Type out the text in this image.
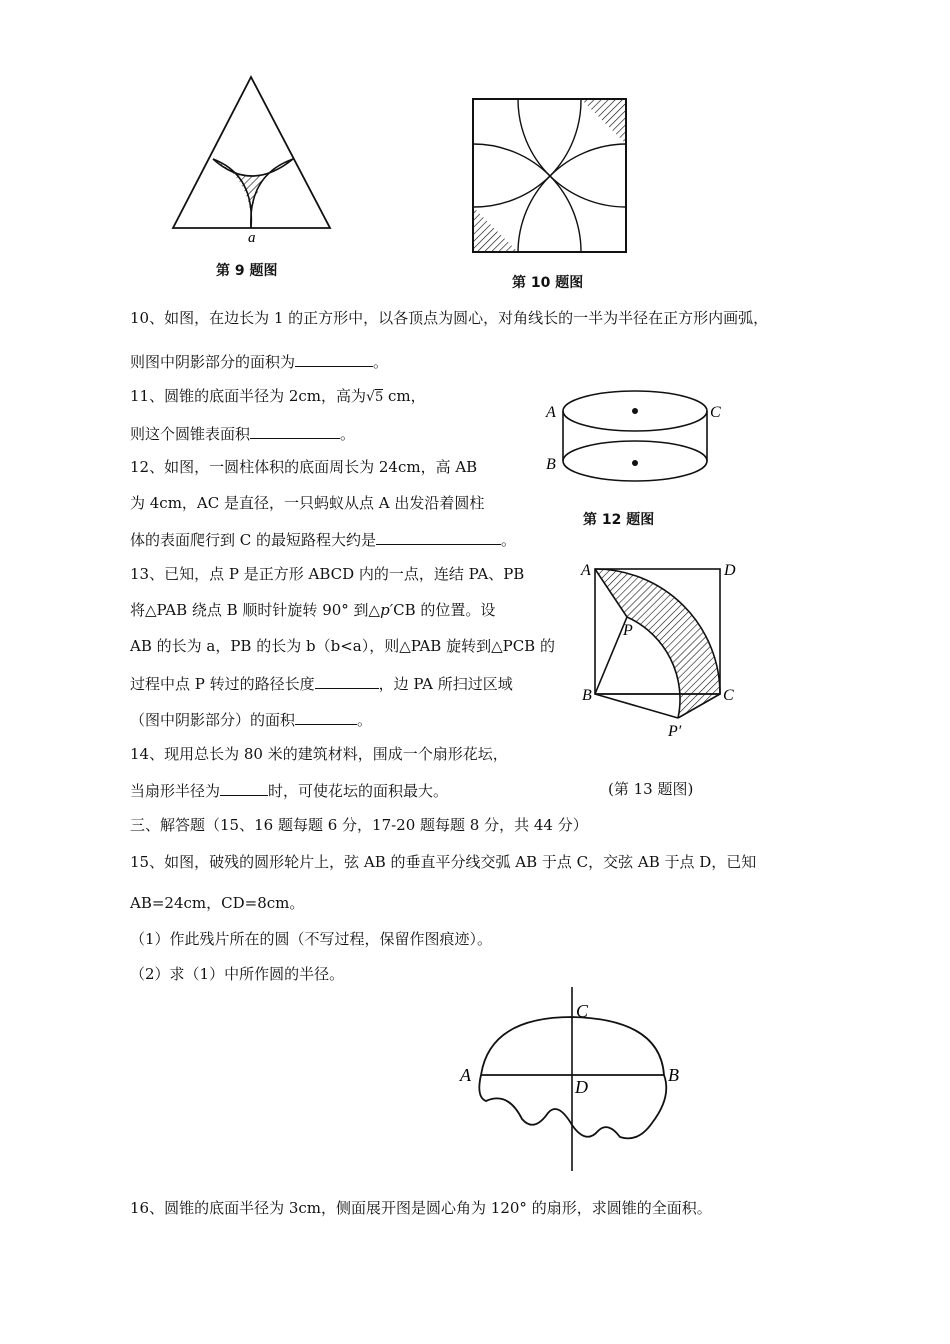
a
第 9 题图
第 10 题图
10、如图，在边长为 1 的正方形中，以各顶点为圆心，对角线长的一半为半径在正方形内画弧，
则图中阴影部分的面积为	。
11、圆锥的底面半径为 2cm，高为√5 cm，
则这个圆锥表面积	。
A	C
B
第 12 题图
12、如图，一圆柱体积的底面周长为 24cm，高 AB
为 4cm，AC 是直径，一只蚂蚁从点 A 出发沿着圆柱
体的表面爬行到 C 的最短路程大约是	。
A	D
P
B	C
P′
13、已知，点 P 是正方形 ABCD 内的一点，连结 PA、PB
将△PAB 绕点 B 顺时针旋转 90° 到△p′CB 的位置。设
AB 的长为 a，PB 的长为 b（b<a），则△PAB 旋转到△PCB 的
过程中点 P 转过的路径长度	，边 PA 所扫过区域
（图中阴影部分）的面积	。
14、现用总长为 80 米的建筑材料，围成一个扇形花坛，
当扇形半径为	时，可使花坛的面积最大。	(第 13 题图)
三、解答题（15、16 题每题 6 分，17-20 题每题 8 分，共 44 分）
15、如图，破残的圆形轮片上，弦 AB 的垂直平分线交弧 AB 于点 C，交弦 AB 于点 D，已知
AB=24cm，CD=8cm。
（1）作此残片所在的圆（不写过程，保留作图痕迹）。
（2）求（1）中所作圆的半径。
C
A
D
B
16、圆锥的底面半径为 3cm，侧面展开图是圆心角为 120° 的扇形，求圆锥的全面积。
